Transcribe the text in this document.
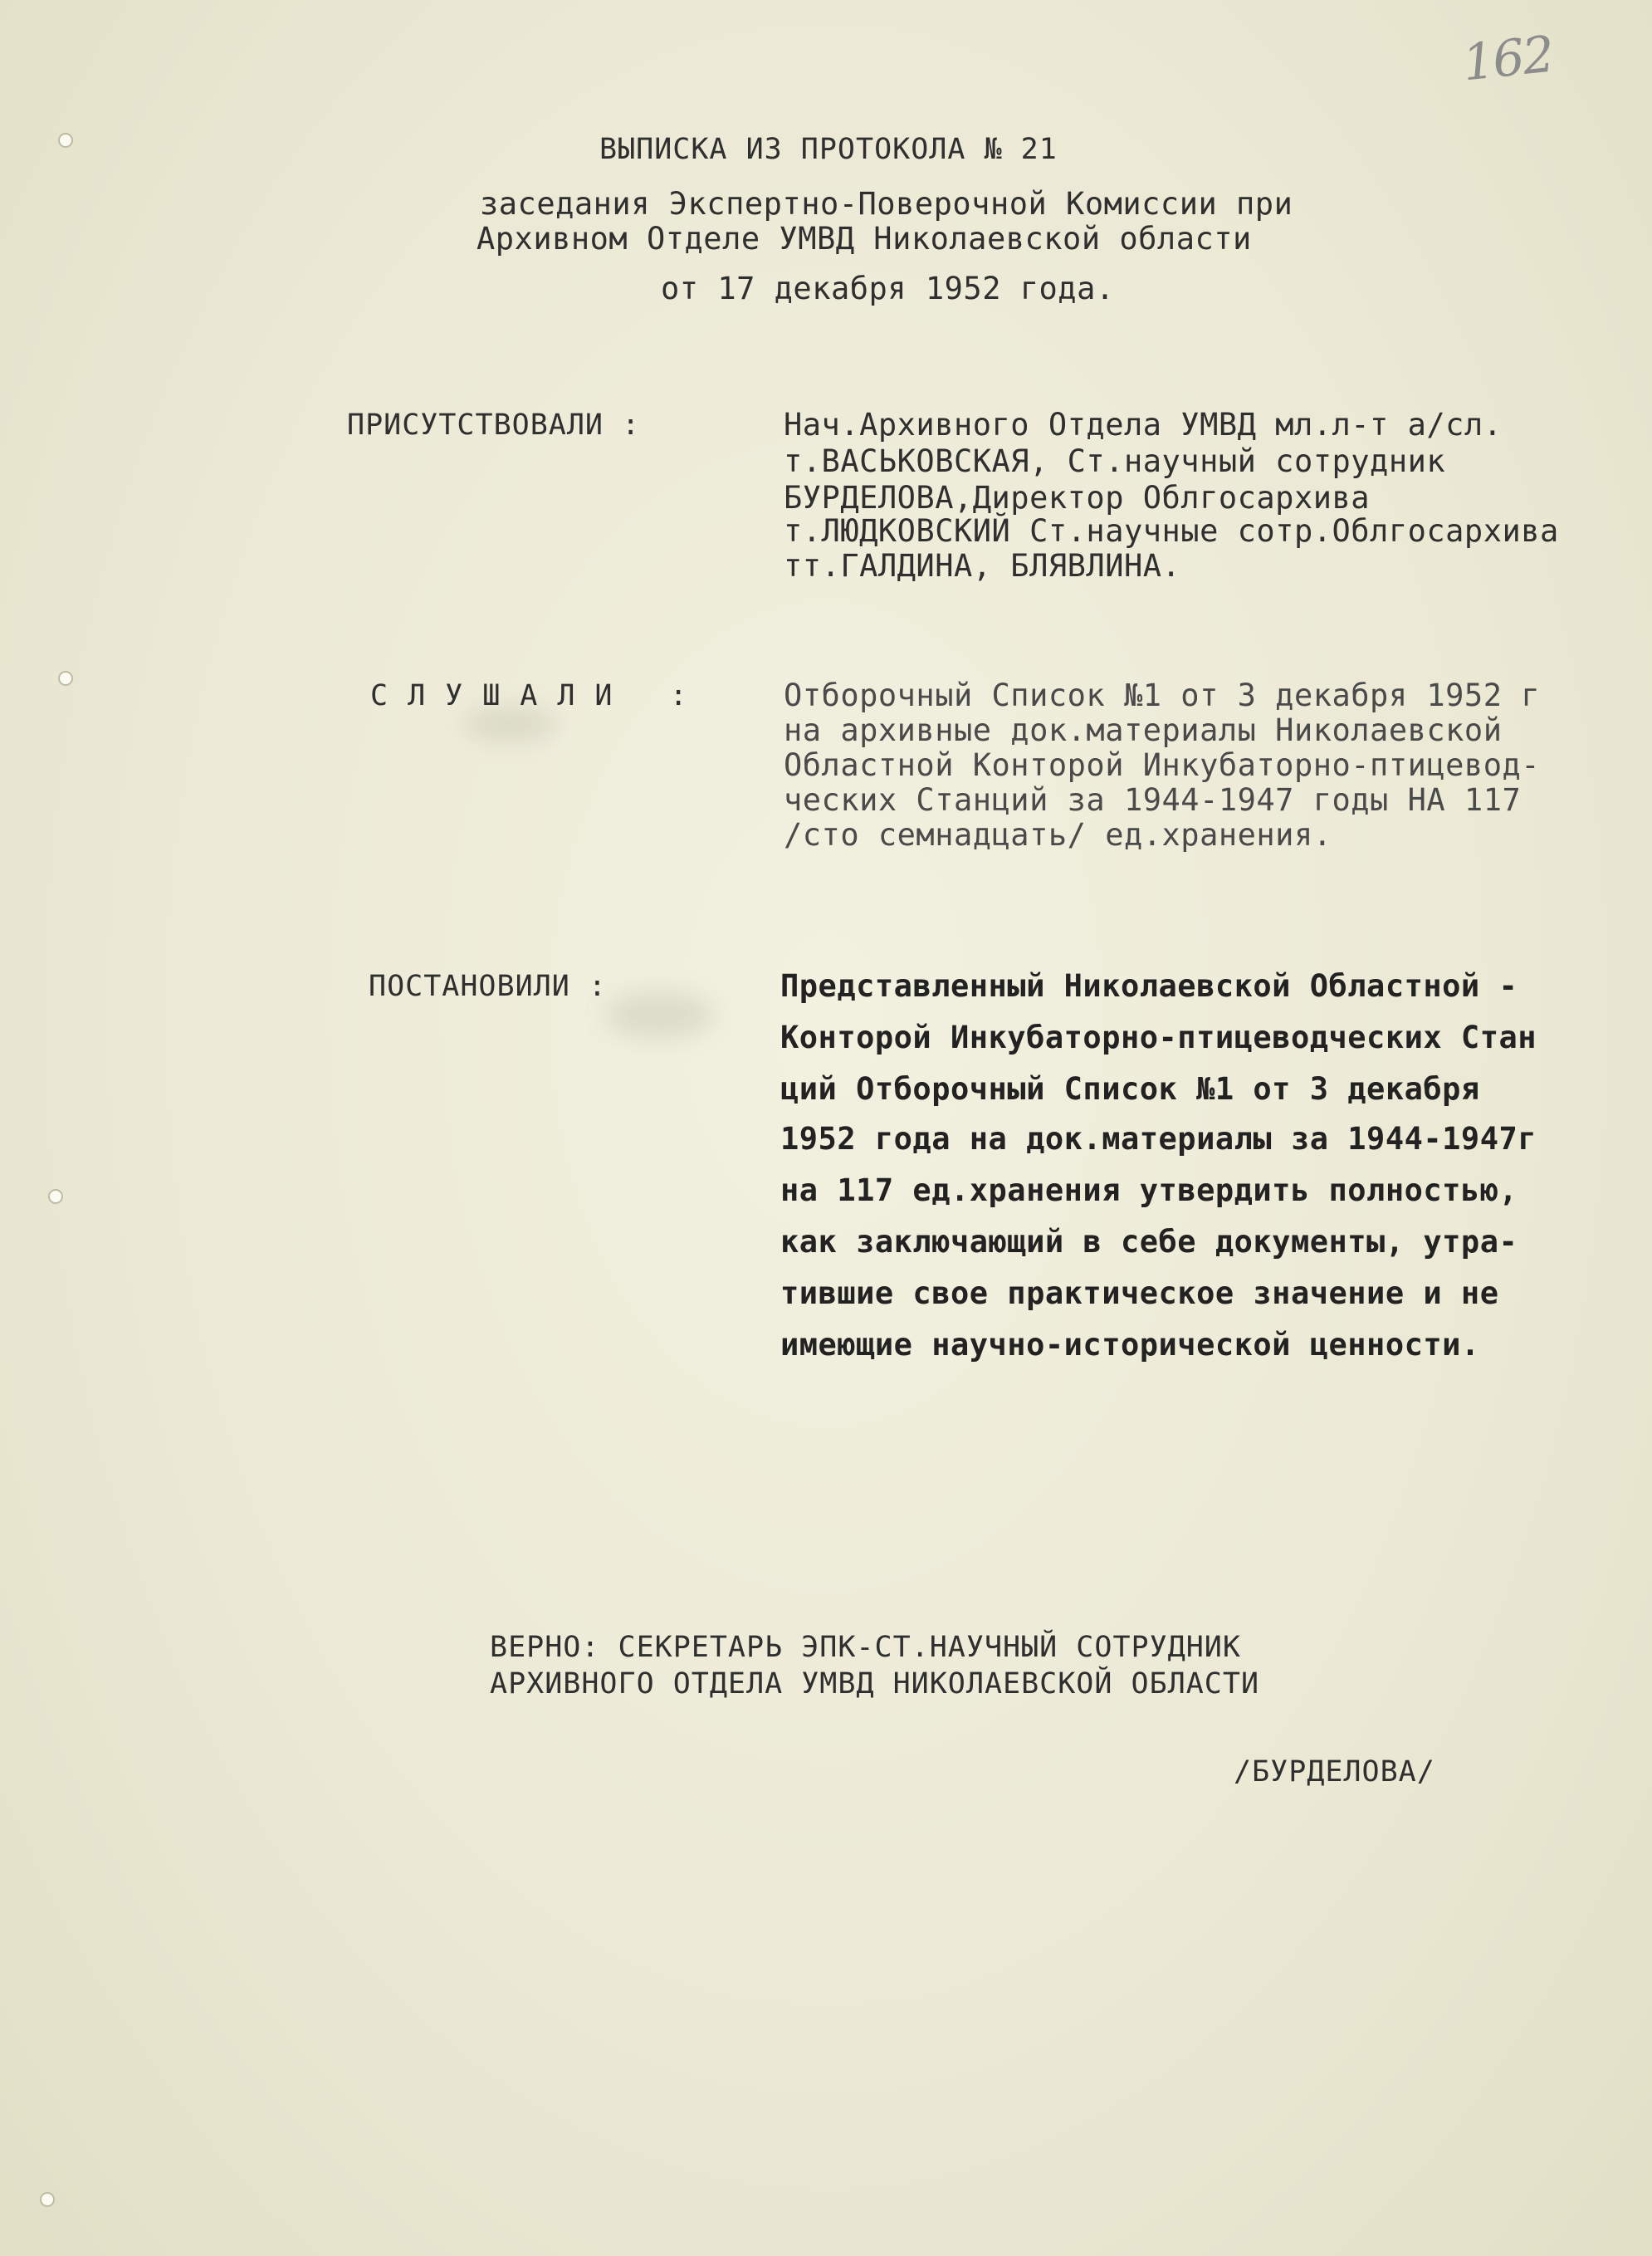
162
ВЫПИСКА ИЗ ПРОТОКОЛА № 21
заседания Экспертно-Поверочной Комиссии при
Архивном Отделе УМВД Николаевской области
от 17 декабря 1952 года.
ПРИСУТСТВОВАЛИ :	Нач.Архивного Отдела УМВД мл.л-т а/сл.
т.ВАСЬКОВСКАЯ, Ст.научный сотрудник
БУРДЕЛОВА,Директор Облгосархива
т.ЛЮДКОВСКИЙ Ст.научные сотр.Облгосархива
тт.ГАЛДИНА, БЛЯВЛИНА.
СЛУШАЛИ : Отборочный Список №1 от 3 декабря 1952 г
на архивные док.материалы Николаевской
Областной Конторой Инкубаторно-птицевод-
ческих Станций за 1944-1947 годы НА 117
/сто семнадцать/ ед.хранения.
ПОСТАНОВИЛИ :	Представленный Николаевской Областной -
Конторой Инкубаторно-птицеводческих Стан
ций Отборочный Список №1 от 3 декабря
1952 года на док.материалы за 1944-1947г
на 117 ед.хранения утвердить полностью,
как заключающий в себе документы, утра-
тившие свое практическое значение и не
имеющие научно-исторической ценности.
ВЕРНО: СЕКРЕТАРЬ ЭПК-СТ.НАУЧНЫЙ СОТРУДНИК
АРХИВНОГО ОТДЕЛА УМВД НИКОЛАЕВСКОЙ ОБЛАСТИ
/БУРДЕЛОВА/
